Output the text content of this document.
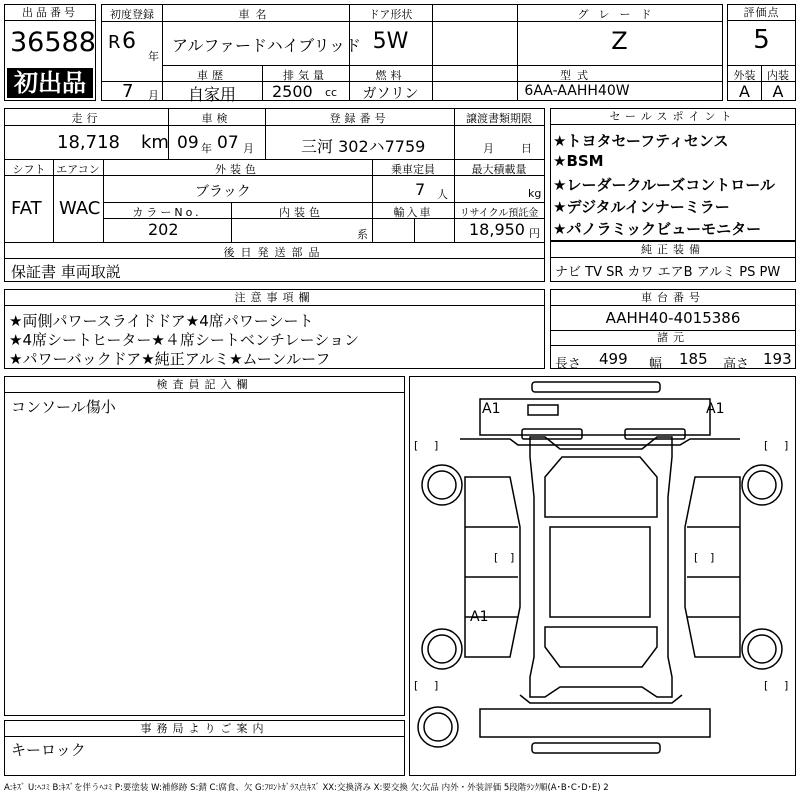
出品番号
36588
初出品
初度登録	車名	ドア形状	グレード
R 6
年
7 月
アルファードハイブリッド 5W	Z
車歴	排気量	燃料	型式
自家用	2500 cc	ガソリン	6AA-AAHH40W
評価点
5
外装	内装
A	A
走行	車検	登録番号	譲渡書類期限
18,718 km 09 年 07 月	三河 302ハ7759	月 日
シフト エアコン	外装色	乗車定員	最大積載量
FAT WAC
ブラック	7 人	kg
カラーNo.	内装色	輸入車	リサイクル預託金
202	系	18,950 円
後日発送部品
保証書 車両取説
セールスポイント
★トヨタセーフティセンス
★BSM
★レーダークルーズコントロール
★デジタルインナーミラー
★パノラミックビューモニター
純正装備
ナビ TV SR カワ エアB アルミ PS PW
注意事項欄
★両側パワースライドドア★4席パワーシート
★4席シートヒーター★４席シートベンチレーション
★パワーバックドア★純正アルミ★ムーンルーフ
車台番号
AAHH40-4015386
諸元
長さ 499 幅 185 高さ 193
検査員記入欄
コンソール傷小
事務局よりご案内
キーロック
[ ]	[ ]
[ ]	[ ]
[ ]	[ ]
A1	A1
A1
A:ｷｽﾞ U:ﾍｺﾐ B:ｷｽﾞを伴うﾍｺﾐ P:要塗装 W:補修跡 S:錆 C:腐食、欠 G:ﾌﾛﾝﾄｶﾞﾗｽ点ｷｽﾞ XX:交換済み X:要交換 欠:欠品 内外・外装評価 5段階ﾗﾝｸ順(A･B･C･D･E) 2
